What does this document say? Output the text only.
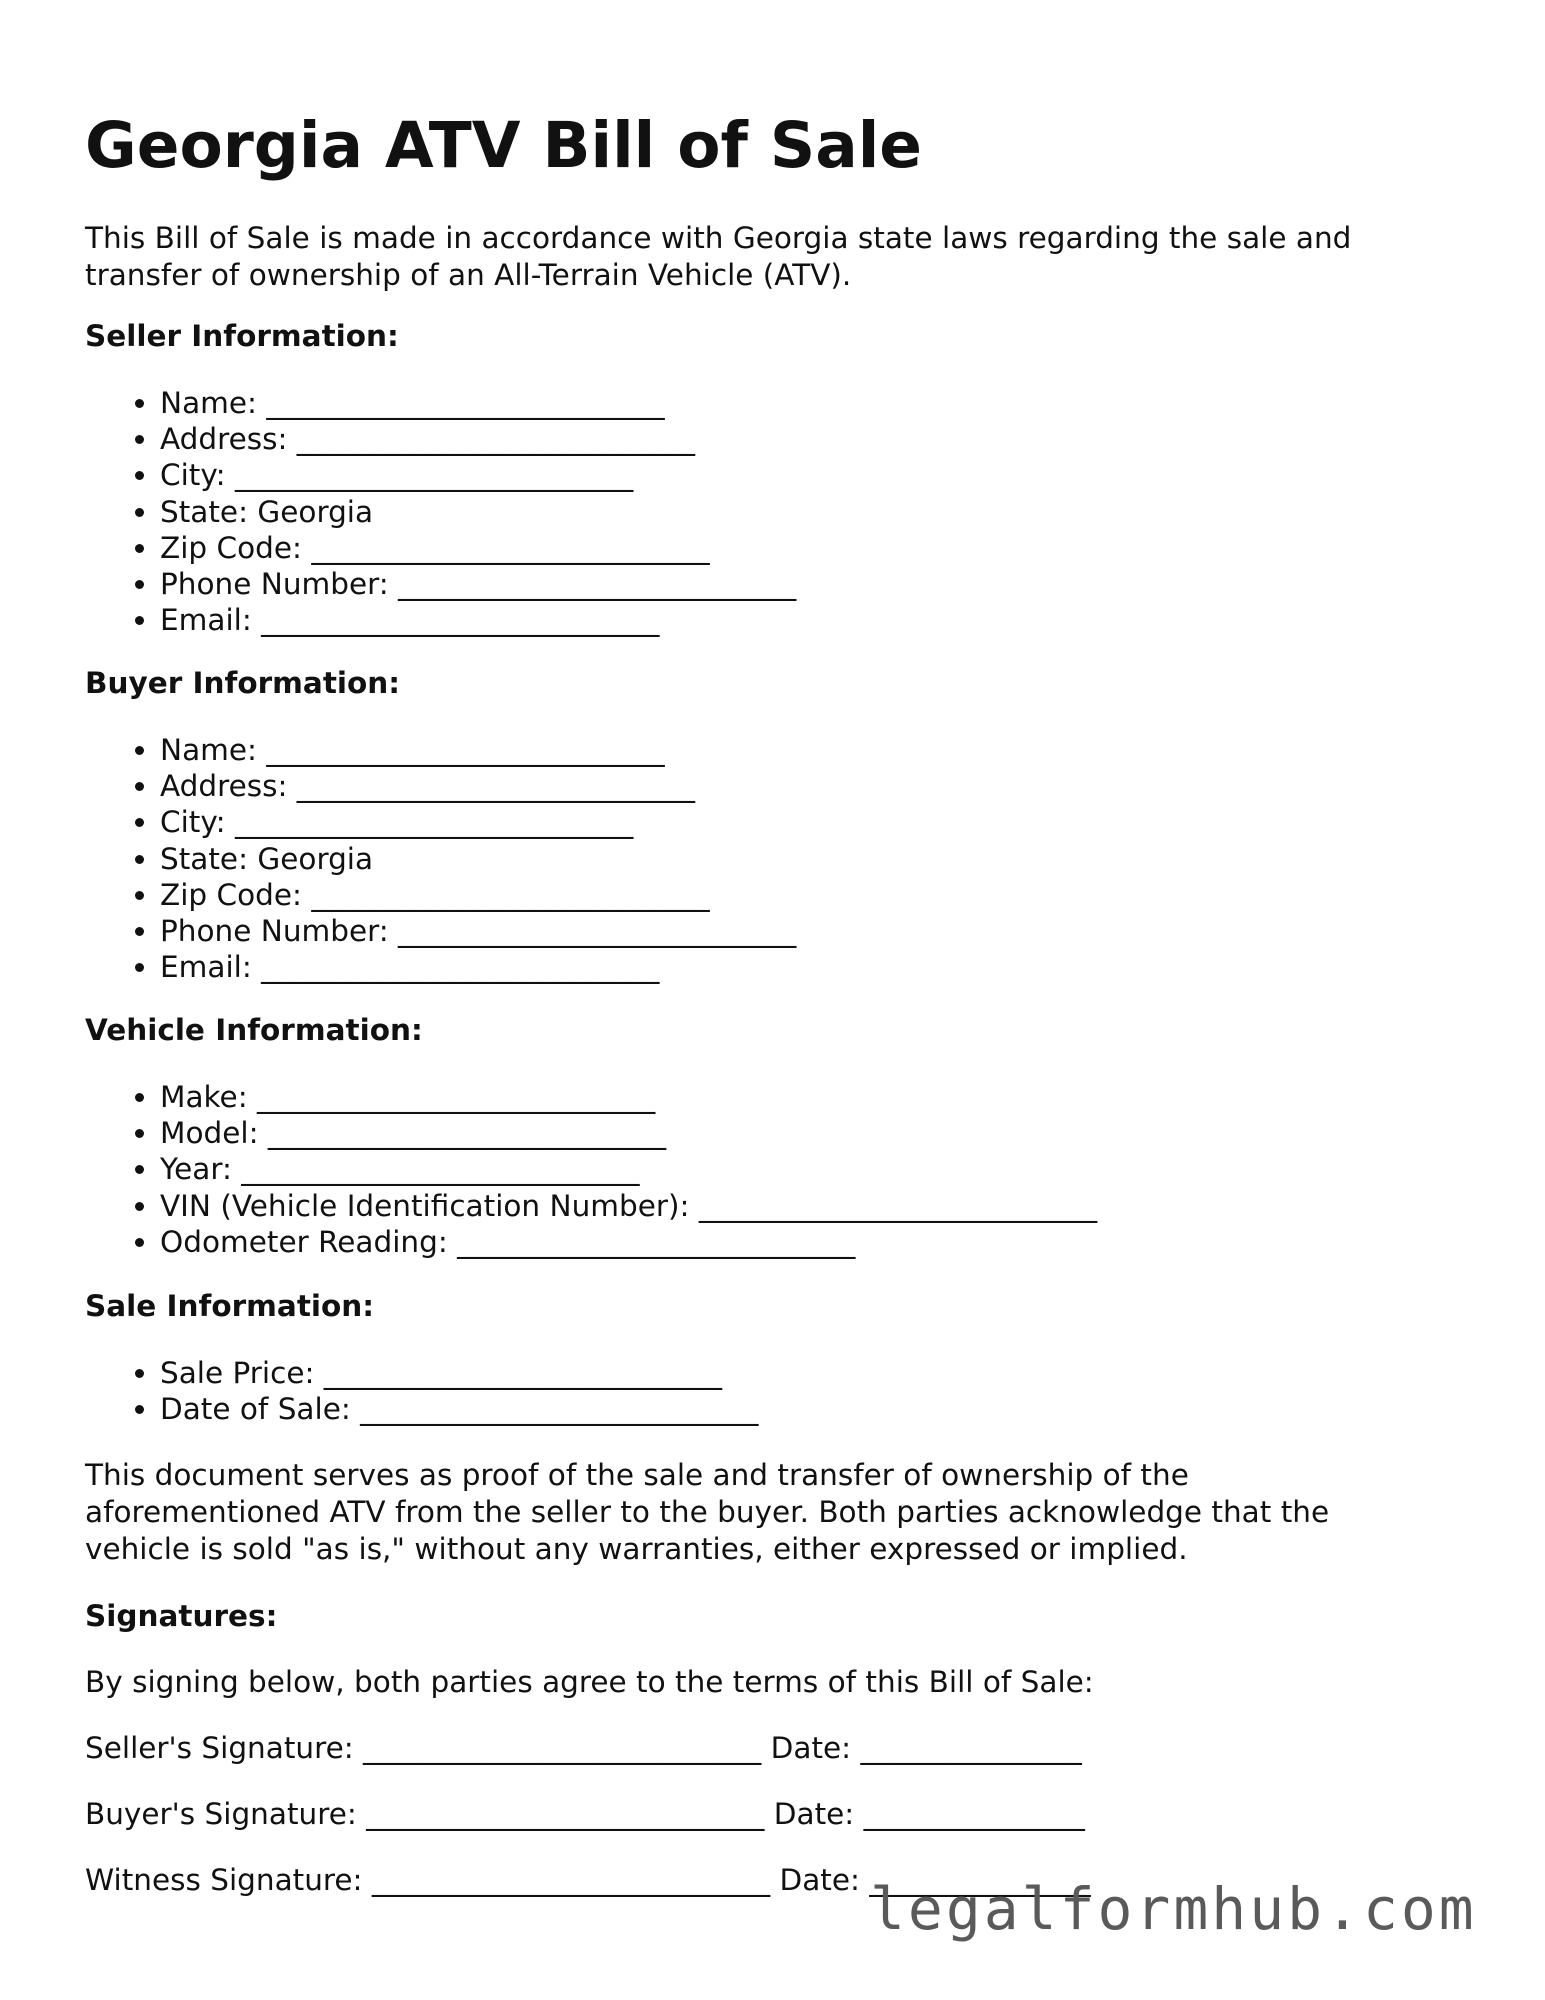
Georgia ATV Bill of Sale
This Bill of Sale is made in accordance with Georgia state laws regarding the sale and transfer of ownership of an All-Terrain Vehicle (ATV).
Seller Information:
• Name: ___________________________
• Address: ___________________________
• City: ___________________________
• State: Georgia
• Zip Code: ___________________________
• Phone Number: ___________________________
• Email: ___________________________
Buyer Information:
• Name: ___________________________
• Address: ___________________________
• City: ___________________________
• State: Georgia
• Zip Code: ___________________________
• Phone Number: ___________________________
• Email: ___________________________
Vehicle Information:
• Make: ___________________________
• Model: ___________________________
• Year: ___________________________
• VIN (Vehicle Identification Number): ___________________________
• Odometer Reading: ___________________________
Sale Information:
• Sale Price: ___________________________
• Date of Sale: ___________________________
This document serves as proof of the sale and transfer of ownership of the aforementioned ATV from the seller to the buyer. Both parties acknowledge that the vehicle is sold "as is," without any warranties, either expressed or implied.
Signatures:
By signing below, both parties agree to the terms of this Bill of Sale:
Seller's Signature: ___________________________ Date: _______________
Buyer's Signature: ___________________________ Date: _______________
Witness Signature: ___________________________ Date: _______________
legalformhub.com
